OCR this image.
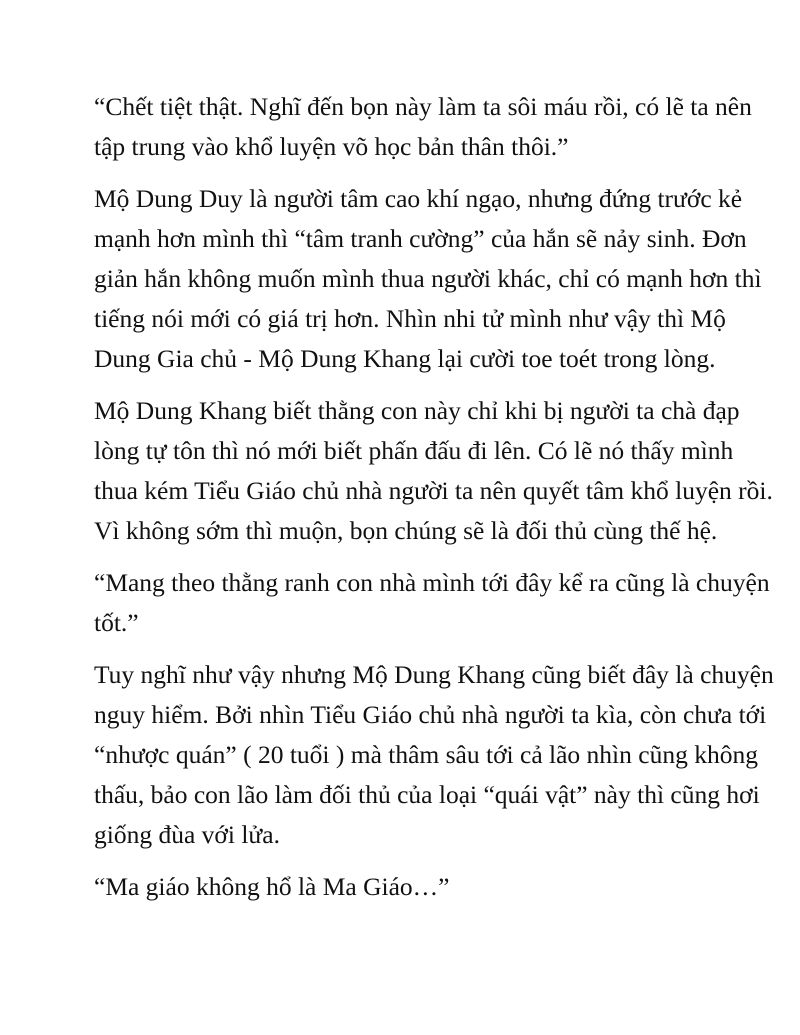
“Chết tiệt thật. Nghĩ đến bọn này làm ta sôi máu rồi, có lẽ ta nên
tập trung vào khổ luyện võ học bản thân thôi.”

Mộ Dung Duy là người tâm cao khí ngạo, nhưng đứng trước kẻ
mạnh hơn mình thì “tâm tranh cường” của hắn sẽ nảy sinh. Đơn
giản hắn không muốn mình thua người khác, chỉ có mạnh hơn thì
tiếng nói mới có giá trị hơn. Nhìn nhi tử mình như vậy thì Mộ
Dung Gia chủ - Mộ Dung Khang lại cười toe toét trong lòng.

Mộ Dung Khang biết thằng con này chỉ khi bị người ta chà đạp
lòng tự tôn thì nó mới biết phấn đấu đi lên. Có lẽ nó thấy mình
thua kém Tiểu Giáo chủ nhà người ta nên quyết tâm khổ luyện rồi.
Vì không sớm thì muộn, bọn chúng sẽ là đối thủ cùng thế hệ.

“Mang theo thằng ranh con nhà mình tới đây kể ra cũng là chuyện
tốt.”

Tuy nghĩ như vậy nhưng Mộ Dung Khang cũng biết đây là chuyện
nguy hiểm. Bởi nhìn Tiểu Giáo chủ nhà người ta kìa, còn chưa tới
“nhược quán” ( 20 tuổi ) mà thâm sâu tới cả lão nhìn cũng không
thấu, bảo con lão làm đối thủ của loại “quái vật” này thì cũng hơi
giống đùa với lửa.

“Ma giáo không hổ là Ma Giáo…”
